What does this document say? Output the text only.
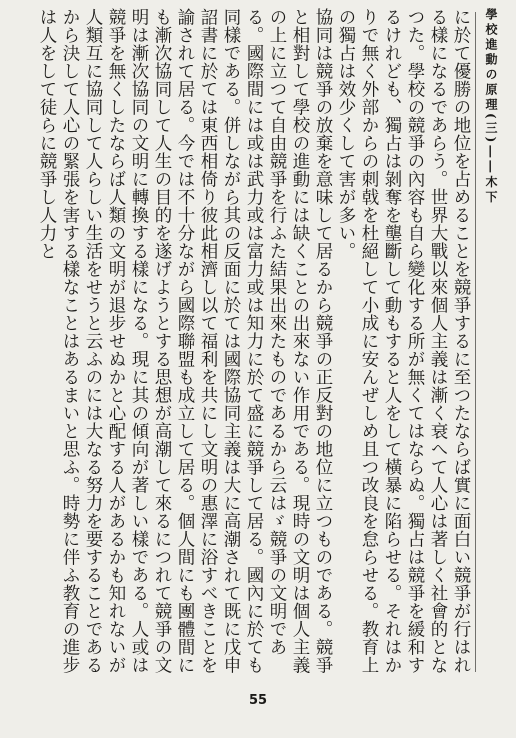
學校進動の原理(三)――木下

に於て優勝の地位を占めることを競爭するに至つたならば實に面白い競爭が行はれる樣になるであらう。世界大戰以來個人主義は漸く衰へて人心は著しく社會的となつた。學校の競爭の內容も自ら變化する所が無くてはならぬ。獨占は競爭を緩和するけれども、獨占は剝奪を壟斷して動もすると人をして橫暴に陷らせる。それはかりで無く外部からの刺戟を杜絕して小成に安んぜしめ且つ改良を怠らせる。教育上の獨占は效少くして害が多い。

協同は競爭の放棄を意味して居るから競爭の正反對の地位に立つものである。競爭と相對して學校の進動には缺くことの出來ない作用である。現時の文明は個人主義の上に立つて自由競爭を行ふた結果出來たものであるから云はゞ競爭の文明である。國際間には或は武力或は富力或は知力に於て盛に競爭して居る。國內に於ても同樣である。併しながら其の反面に於ては國際協同主義は大に高潮されて既に戊申詔書に於ては東西相倚り彼此相濟し以て福利を共にし文明の惠澤に浴すべきことを諭されて居る。今では不十分ながら國際聯盟も成立して居る。個人間にも團體間にも漸次協同して人生の目的を遂げようとする思想が高潮して來るにつれて競爭の文明は漸次協同の文明に轉換する樣になる。現に其の傾向が著しい樣である。人或は競爭を無くしたならば人類の文明が退步せぬかと心配する人があるかも知れないが人類互に協同して人らしい生活をせうと云ふのには大なる努力を要することであるから決して人心の緊張を害する樣なことはあるまいと思ふ。時勢に伴ふ教育の進步は人をして徒らに競爭し人力と

55
